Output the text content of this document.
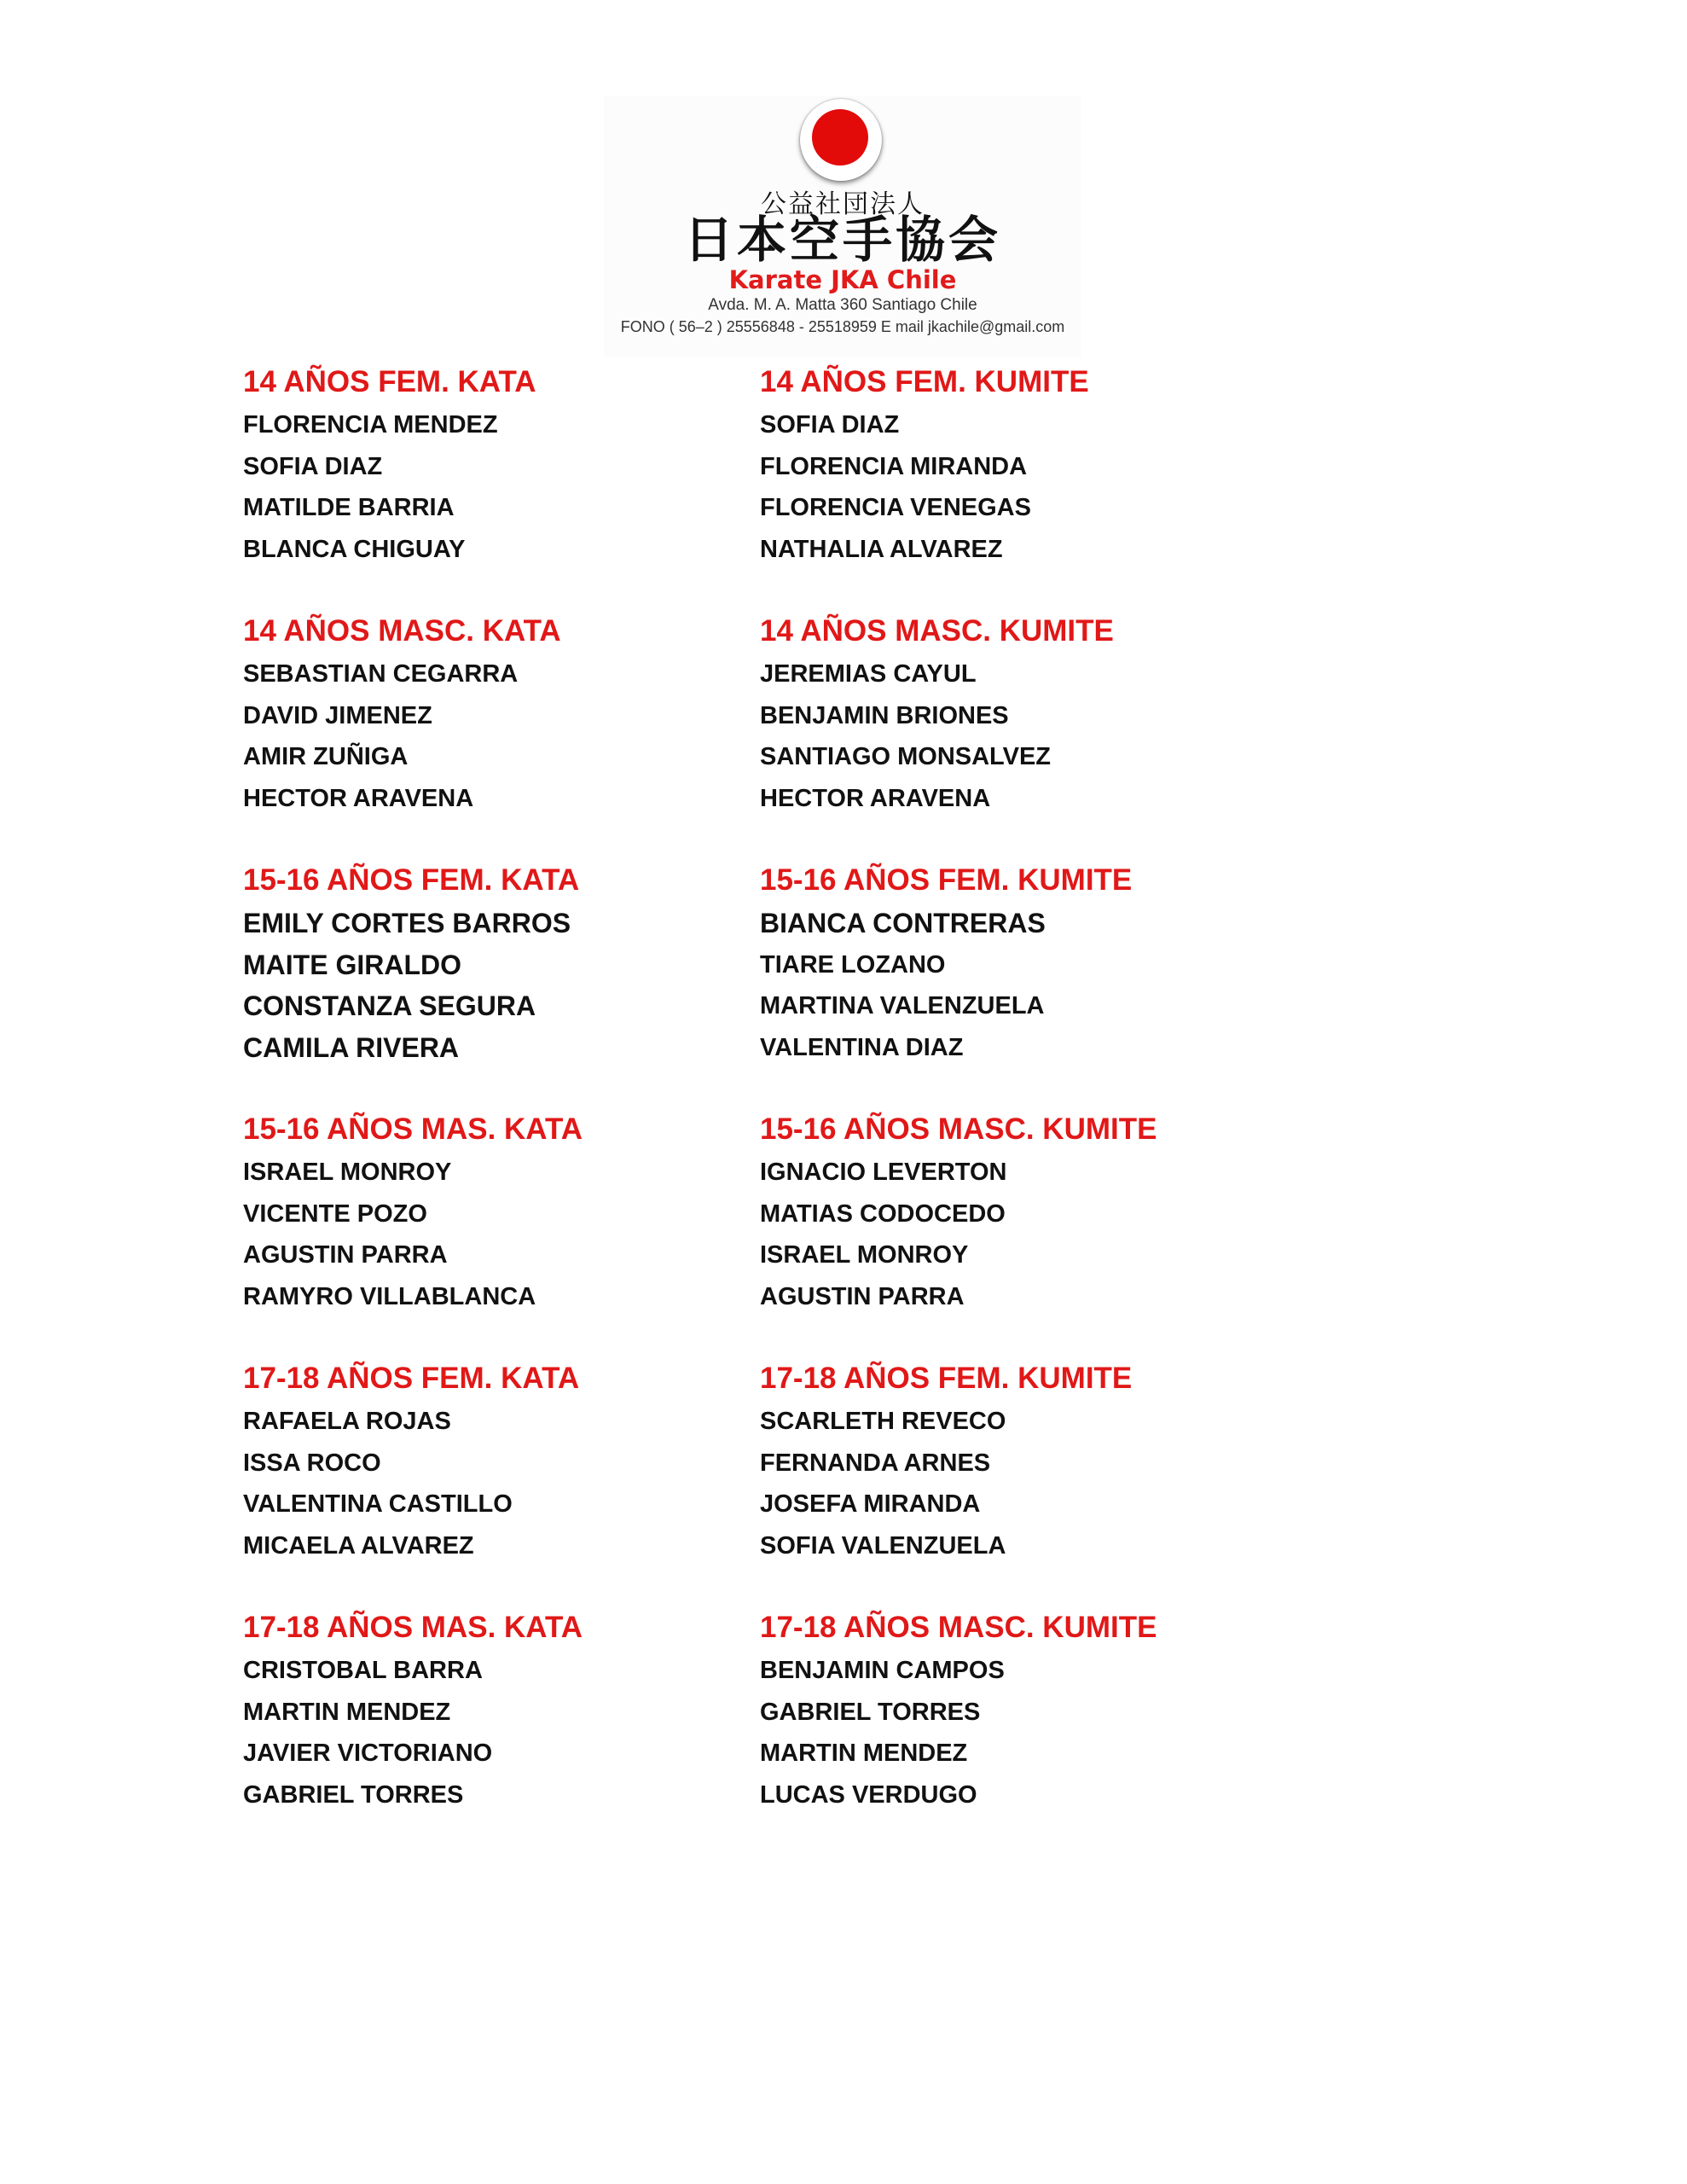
公益社団法人
日本空手協会
Karate JKA Chile
Avda. M. A. Matta 360 Santiago Chile
FONO ( 56–2 ) 25556848 - 25518959 E mail jkachile@gmail.com
14 AÑOS FEM. KATA
FLORENCIA MENDEZ
SOFIA DIAZ
MATILDE BARRIA
BLANCA CHIGUAY
14 AÑOS MASC. KATA
SEBASTIAN CEGARRA
DAVID JIMENEZ
AMIR ZUÑIGA
HECTOR ARAVENA
15-16 AÑOS FEM. KATA
EMILY CORTES BARROS
MAITE GIRALDO
CONSTANZA SEGURA
CAMILA RIVERA
15-16 AÑOS MAS. KATA
ISRAEL MONROY
VICENTE POZO
AGUSTIN PARRA
RAMYRO VILLABLANCA
17-18 AÑOS FEM. KATA
RAFAELA ROJAS
ISSA ROCO
VALENTINA CASTILLO
MICAELA ALVAREZ
17-18 AÑOS MAS. KATA
CRISTOBAL BARRA
MARTIN MENDEZ
JAVIER VICTORIANO
GABRIEL TORRES
14 AÑOS FEM. KUMITE
SOFIA DIAZ
FLORENCIA MIRANDA
FLORENCIA VENEGAS
NATHALIA ALVAREZ
14 AÑOS MASC. KUMITE
JEREMIAS CAYUL
BENJAMIN BRIONES
SANTIAGO MONSALVEZ
HECTOR ARAVENA
15-16 AÑOS FEM. KUMITE
BIANCA CONTRERAS
TIARE LOZANO
MARTINA VALENZUELA
VALENTINA DIAZ
15-16 AÑOS MASC. KUMITE
IGNACIO LEVERTON
MATIAS CODOCEDO
ISRAEL MONROY
AGUSTIN PARRA
17-18 AÑOS FEM. KUMITE
SCARLETH REVECO
FERNANDA ARNES
JOSEFA MIRANDA
SOFIA VALENZUELA
17-18 AÑOS MASC. KUMITE
BENJAMIN CAMPOS
GABRIEL TORRES
MARTIN MENDEZ
LUCAS VERDUGO
